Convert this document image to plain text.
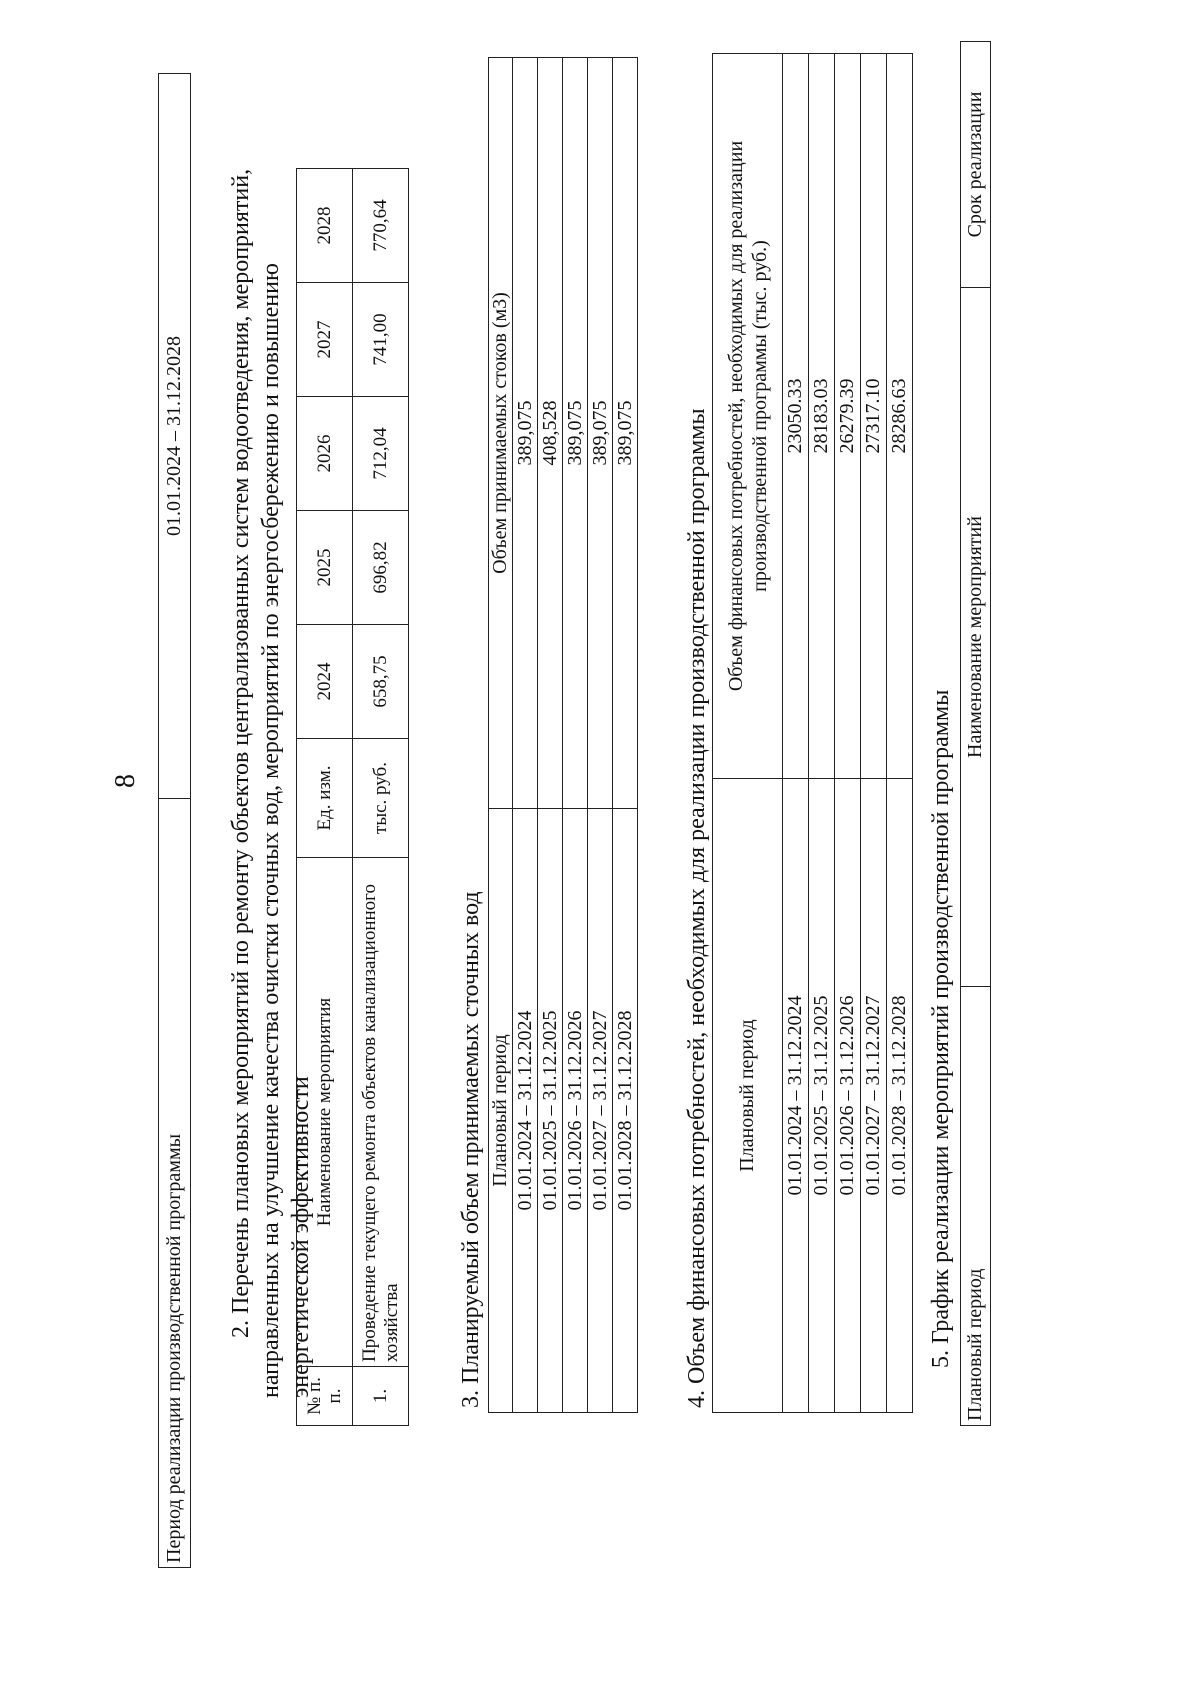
8
Период реализации производственной программы	01.01.2024 – 31.12.2028 2. Перечень плановых мероприятий по ремонту объектов централизованных систем водоотведения, мероприятий, направленных на улучшение качества очистки сточных вод, мероприятий по энергосбережению и повышению энергетической эффективности
№ п. п.	Наименование мероприятия	Ед. изм.	2024	2025	2026	2027	2028
1.	Проведение текущего ремонта объектов канализационного хозяйства	тыс. руб.	658,75	696,82	712,04	741,00	770,64
3. Планируемый объем принимаемых сточных вод Плановый период	Объем принимаемых стоков (м3)
01.01.2024 – 31.12.2024	389,075
01.01.2025 – 31.12.2025	408,528
01.01.2026 – 31.12.2026	389,075
01.01.2027 – 31.12.2027	389,075
01.01.2028 – 31.12.2028	389,075 4. Объем финансовых потребностей, необходимых для реализации производственной программы Плановый период	Объем финансовых потребностей, необходимых для реализации производственной программы (тыс. руб.)
01.01.2024 – 31.12.2024	23050.33
01.01.2025 – 31.12.2025	28183.03
01.01.2026 – 31.12.2026	26279.39
01.01.2027 – 31.12.2027	27317.10
01.01.2028 – 31.12.2028	28286.63
5. График реализации мероприятий производственной программы Плановый период	Наименование мероприятий	Срок реализации
